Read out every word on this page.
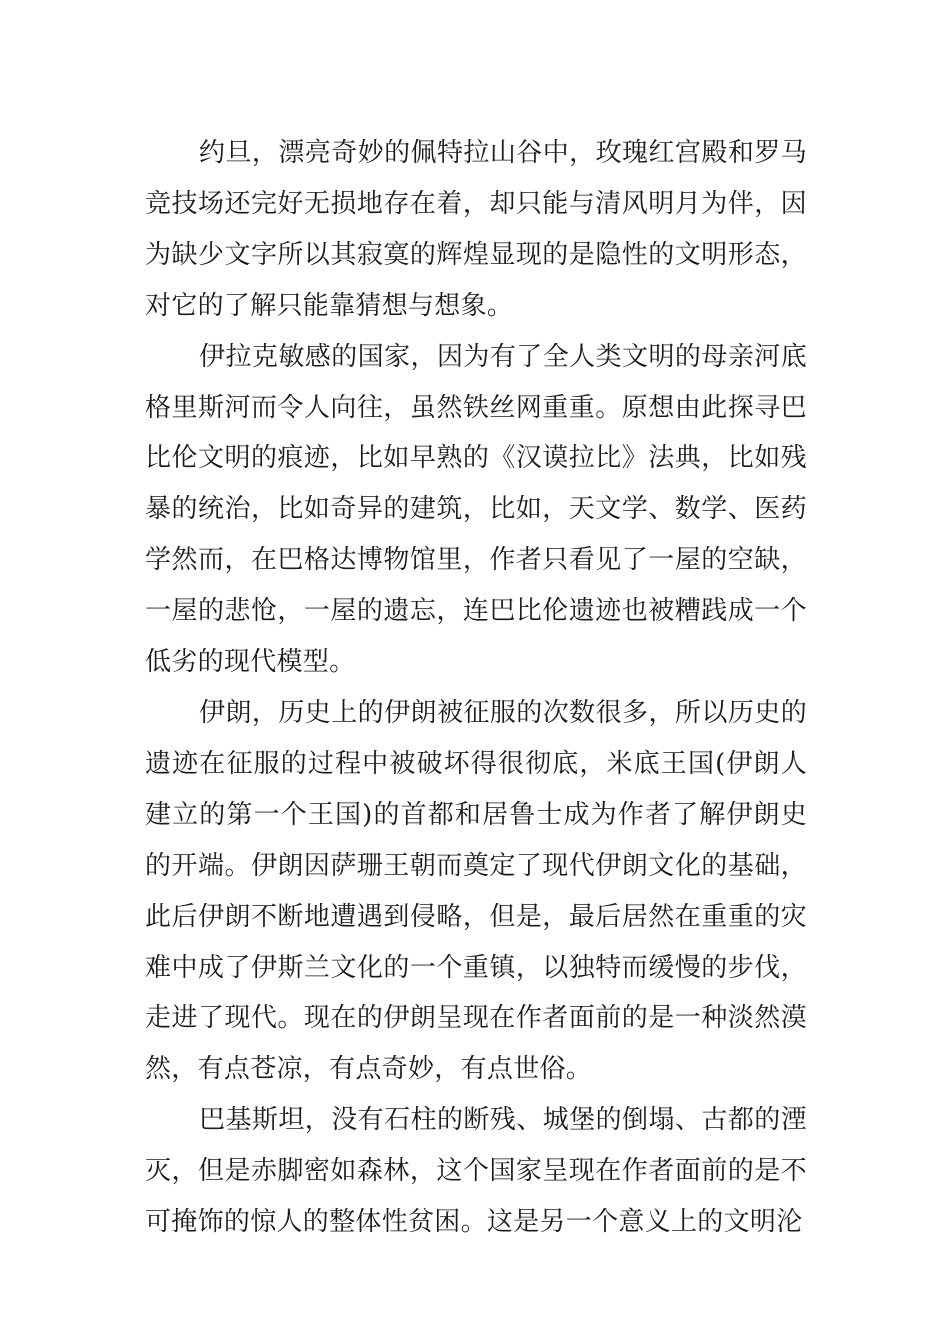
约旦，漂亮奇妙的佩特拉山谷中，玫瑰红宫殿和罗马竞技场还完好无损地存在着，却只能与清风明月为伴，因为缺少文字所以其寂寞的辉煌显现的是隐性的文明形态，对它的了解只能靠猜想与想象。

伊拉克敏感的国家，因为有了全人类文明的母亲河底格里斯河而令人向往，虽然铁丝网重重。原想由此探寻巴比伦文明的痕迹，比如早熟的《汉谟拉比》法典，比如残暴的统治，比如奇异的建筑，比如，天文学、数学、医药学然而，在巴格达博物馆里，作者只看见了一屋的空缺，一屋的悲怆，一屋的遗忘，连巴比伦遗迹也被糟践成一个低劣的现代模型。

伊朗，历史上的伊朗被征服的次数很多，所以历史的遗迹在征服的过程中被破坏得很彻底，米底王国(伊朗人建立的第一个王国)的首都和居鲁士成为作者了解伊朗史的开端。伊朗因萨珊王朝而奠定了现代伊朗文化的基础，此后伊朗不断地遭遇到侵略，但是，最后居然在重重的灾难中成了伊斯兰文化的一个重镇，以独特而缓慢的步伐，走进了现代。现在的伊朗呈现在作者面前的是一种淡然漠然，有点苍凉，有点奇妙，有点世俗。

巴基斯坦，没有石柱的断残、城堡的倒塌、古都的湮灭，但是赤脚密如森林，这个国家呈现在作者面前的是不可掩饰的惊人的整体性贫困。这是另一个意义上的文明沦
